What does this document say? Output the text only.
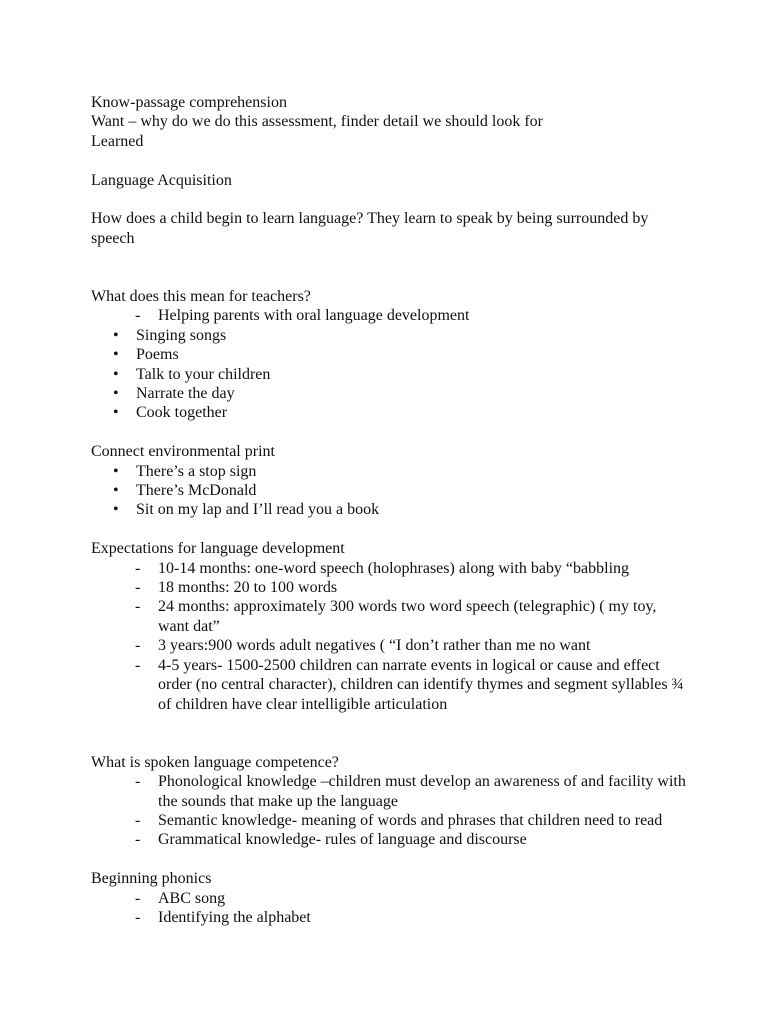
Know-passage comprehension

Want – why do we do this assessment, finder detail we should look for

Learned

Language Acquisition

How does a child begin to learn language? They learn to speak by being surrounded by speech

What does this mean for teachers?

- Helping parents with oral language development
• Singing songs
• Poems
• Talk to your children
• Narrate the day
• Cook together

Connect environmental print

• There’s a stop sign
• There’s McDonald
• Sit on my lap and I’ll read you a book

Expectations for language development

- 10-14 months: one-word speech (holophrases) along with baby “babbling
- 18 months: 20 to 100 words
- 24 months: approximately 300 words two word speech (telegraphic) ( my toy, want dat”
- 3 years:900 words adult negatives ( “I don’t rather than me no want
- 4-5 years- 1500-2500 children can narrate events in logical or cause and effect order (no central character), children can identify thymes and segment syllables ¾ of children have clear intelligible articulation

What is spoken language competence?

- Phonological knowledge –children must develop an awareness of and facility with the sounds that make up the language
- Semantic knowledge- meaning of words and phrases that children need to read
- Grammatical knowledge- rules of language and discourse

Beginning phonics

- ABC song
- Identifying the alphabet
